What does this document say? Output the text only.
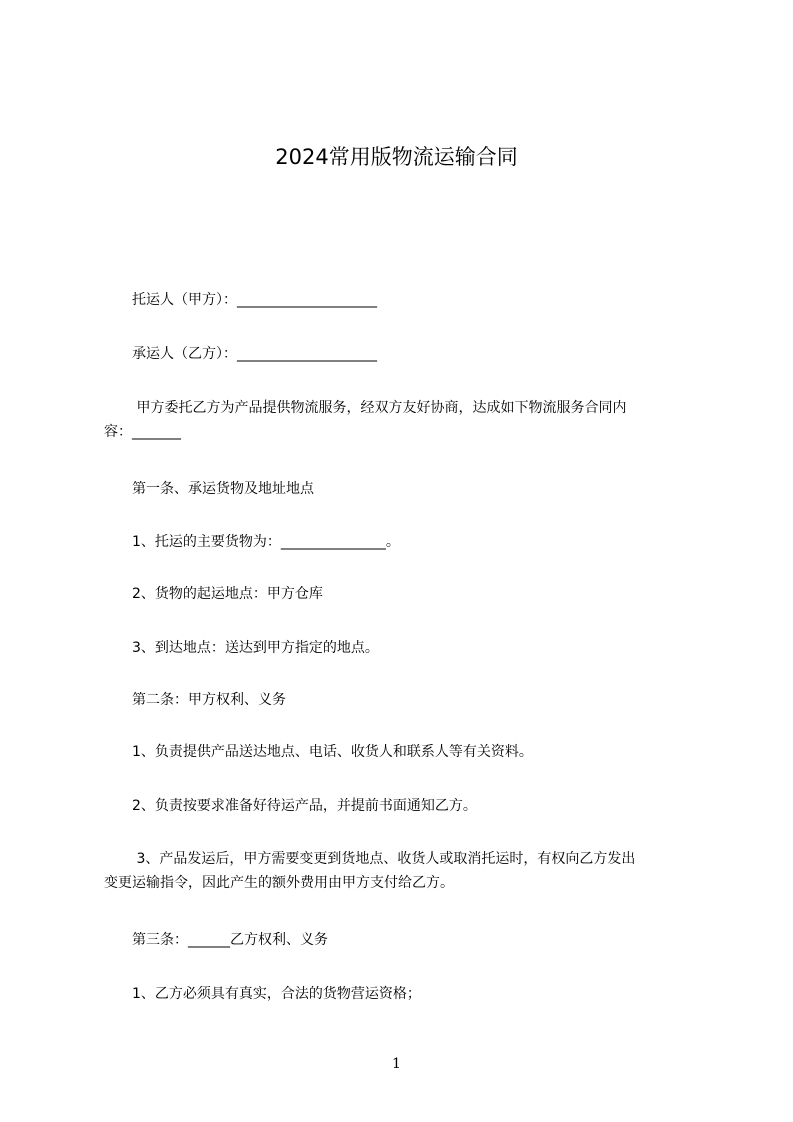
2024常用版物流运输合同
　　托运人（甲方）：____________________
　　承运人（乙方）：____________________
　　 甲方委托乙方为产品提供物流服务，经双方友好协商，达成如下物流服务合同内
容：_______
　　第一条、承运货物及地址地点
　　1、托运的主要货物为：_______________。
　　2、货物的起运地点：甲方仓库
　　3、到达地点：送达到甲方指定的地点。
　　第二条：甲方权利、义务
　　1、负责提供产品送达地点、电话、收货人和联系人等有关资料。
　　2、负责按要求准备好待运产品，并提前书面通知乙方。
　　 3、产品发运后，甲方需要变更到货地点、收货人或取消托运时，有权向乙方发出
变更运输指令，因此产生的额外费用由甲方支付给乙方。
　　第三条：______乙方权利、义务
　　1、乙方必须具有真实，合法的货物营运资格；
1
